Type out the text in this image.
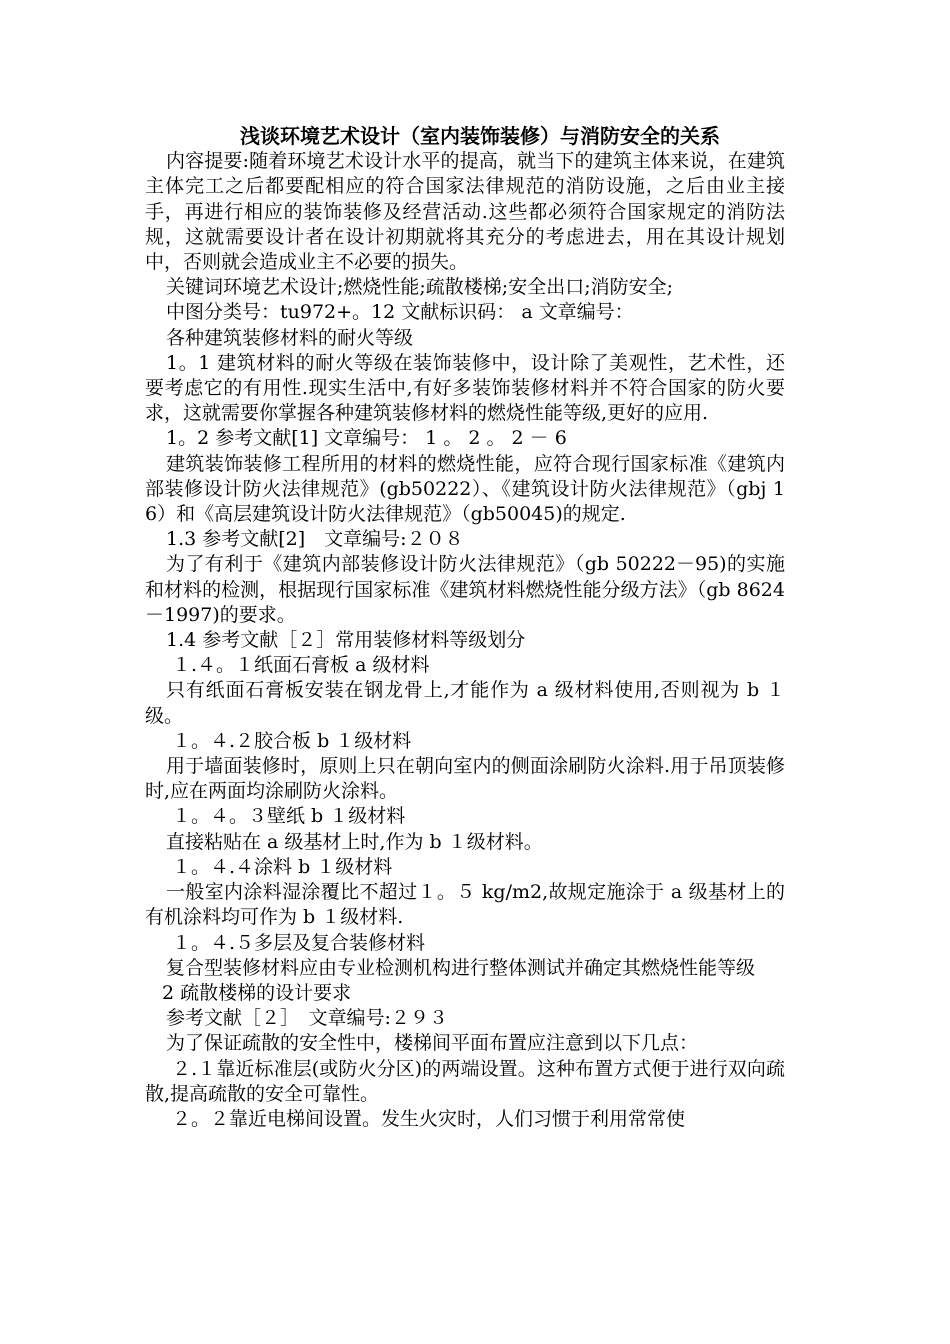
浅谈环境艺术设计（室内装饰装修）与消防安全的关系

内容提要:随着环境艺术设计水平的提高，就当下的建筑主体来说，在建筑主体完工之后都要配相应的符合国家法律规范的消防设施，之后由业主接手，再进行相应的装饰装修及经营活动.这些都必须符合国家规定的消防法规，这就需要设计者在设计初期就将其充分的考虑进去，用在其设计规划中，否则就会造成业主不必要的损失。

关键词环境艺术设计;燃烧性能;疏散楼梯;安全出口;消防安全;

中图分类号：tu972+。12 文献标识码： a 文章编号：

各种建筑装修材料的耐火等级

1。1 建筑材料的耐火等级在装饰装修中，设计除了美观性，艺术性，还要考虑它的有用性.现实生活中,有好多装饰装修材料并不符合国家的防火要求，这就需要你掌握各种建筑装修材料的燃烧性能等级,更好的应用.

1。2 参考文献[1] 文章编号： 1 。 2 。 2 － 6

建筑装饰装修工程所用的材料的燃烧性能，应符合现行国家标准《建筑内部装修设计防火法律规范》(gb50222）、《建筑设计防火法律规范》（gbj 16）和《高层建筑设计防火法律规范》（gb50045)的规定.

1.3 参考文献[2]　文章编号:２０８

为了有利于《建筑内部装修设计防火法律规范》（gb 50222－95)的实施和材料的检测，根据现行国家标准《建筑材料燃烧性能分级方法》（gb 8624－1997)的要求。

1.4 参考文献［２］常用装修材料等级划分

１.４。１纸面石膏板 a 级材料

只有纸面石膏板安装在钢龙骨上,才能作为 a 级材料使用,否则视为 b １级。

１。４.２胶合板 b １级材料

用于墙面装修时，原则上只在朝向室内的侧面涂刷防火涂料.用于吊顶装修时,应在两面均涂刷防火涂料。

１。４。３壁纸 b １级材料

直接粘贴在 a 级基材上时,作为 b １级材料。

１。４.４涂料 b １级材料

一般室内涂料湿涂覆比不超过１。５ kg/m2,故规定施涂于 a 级基材上的有机涂料均可作为 b １级材料.

１。４.５多层及复合装修材料

复合型装修材料应由专业检测机构进行整体测试并确定其燃烧性能等级

2 疏散楼梯的设计要求

参考文献［２］　文章编号:２９３

为了保证疏散的安全性中，楼梯间平面布置应注意到以下几点：

２.１靠近标准层(或防火分区)的两端设置。这种布置方式便于进行双向疏散,提高疏散的安全可靠性。

２。２靠近电梯间设置。发生火灾时，人们习惯于利用常常使
